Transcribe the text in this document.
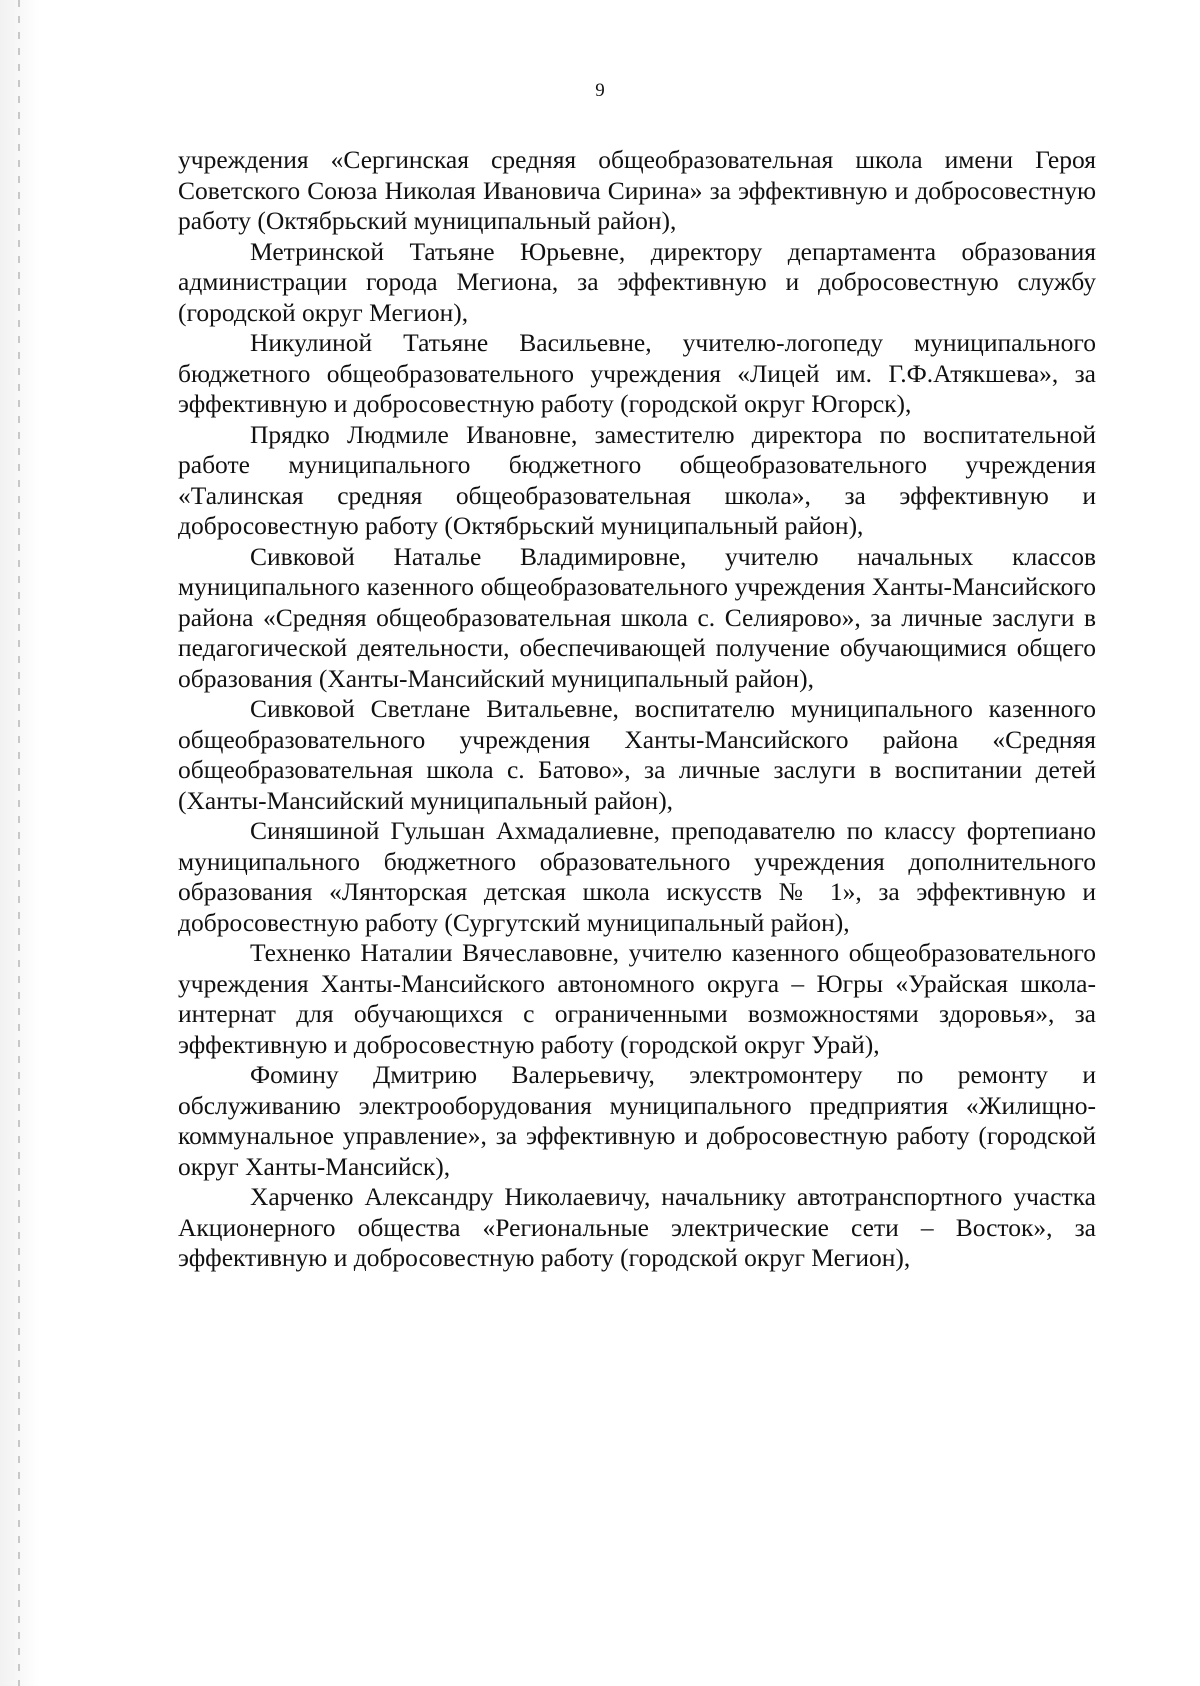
9

учреждения «Сергинская средняя общеобразовательная школа имени Героя Советского Союза Николая Ивановича Сирина» за эффективную и добросовестную работу (Октябрьский муниципальный район),

Метринской Татьяне Юрьевне, директору департамента образования администрации города Мегиона, за эффективную и добросовестную службу (городской округ Мегион),

Никулиной Татьяне Васильевне, учителю-логопеду муниципального бюджетного общеобразовательного учреждения «Лицей им. Г.Ф.Атякшева», за эффективную и добросовестную работу (городской округ Югорск),

Прядко Людмиле Ивановне, заместителю директора по воспитательной работе муниципального бюджетного общеобразовательного учреждения «Талинская средняя общеобразовательная школа», за эффективную и добросовестную работу (Октябрьский муниципальный район),

Сивковой Наталье Владимировне, учителю начальных классов муниципального казенного общеобразовательного учреждения Ханты-Мансийского района «Средняя общеобразовательная школа с. Селиярово», за личные заслуги в педагогической деятельности, обеспечивающей получение обучающимися общего образования (Ханты-Мансийский муниципальный район),

Сивковой Светлане Витальевне, воспитателю муниципального казенного общеобразовательного учреждения Ханты-Мансийского района «Средняя общеобразовательная школа с. Батово», за личные заслуги в воспитании детей (Ханты-Мансийский муниципальный район),

Синяшиной Гульшан Ахмадалиевне, преподавателю по классу фортепиано муниципального бюджетного образовательного учреждения дополнительного образования «Лянторская детская школа искусств № 1», за эффективную и добросовестную работу (Сургутский муниципальный район),

Техненко Наталии Вячеславовне, учителю казенного общеобразовательного учреждения Ханты-Мансийского автономного округа – Югры «Урайская школа-интернат для обучающихся с ограниченными возможностями здоровья», за эффективную и добросовестную работу (городской округ Урай),

Фомину Дмитрию Валерьевичу, электромонтеру по ремонту и обслуживанию электрооборудования муниципального предприятия «Жилищно-коммунальное управление», за эффективную и добросовестную работу (городской округ Ханты-Мансийск),

Харченко Александру Николаевичу, начальнику автотранспортного участка Акционерного общества «Региональные электрические сети – Восток», за эффективную и добросовестную работу (городской округ Мегион),
